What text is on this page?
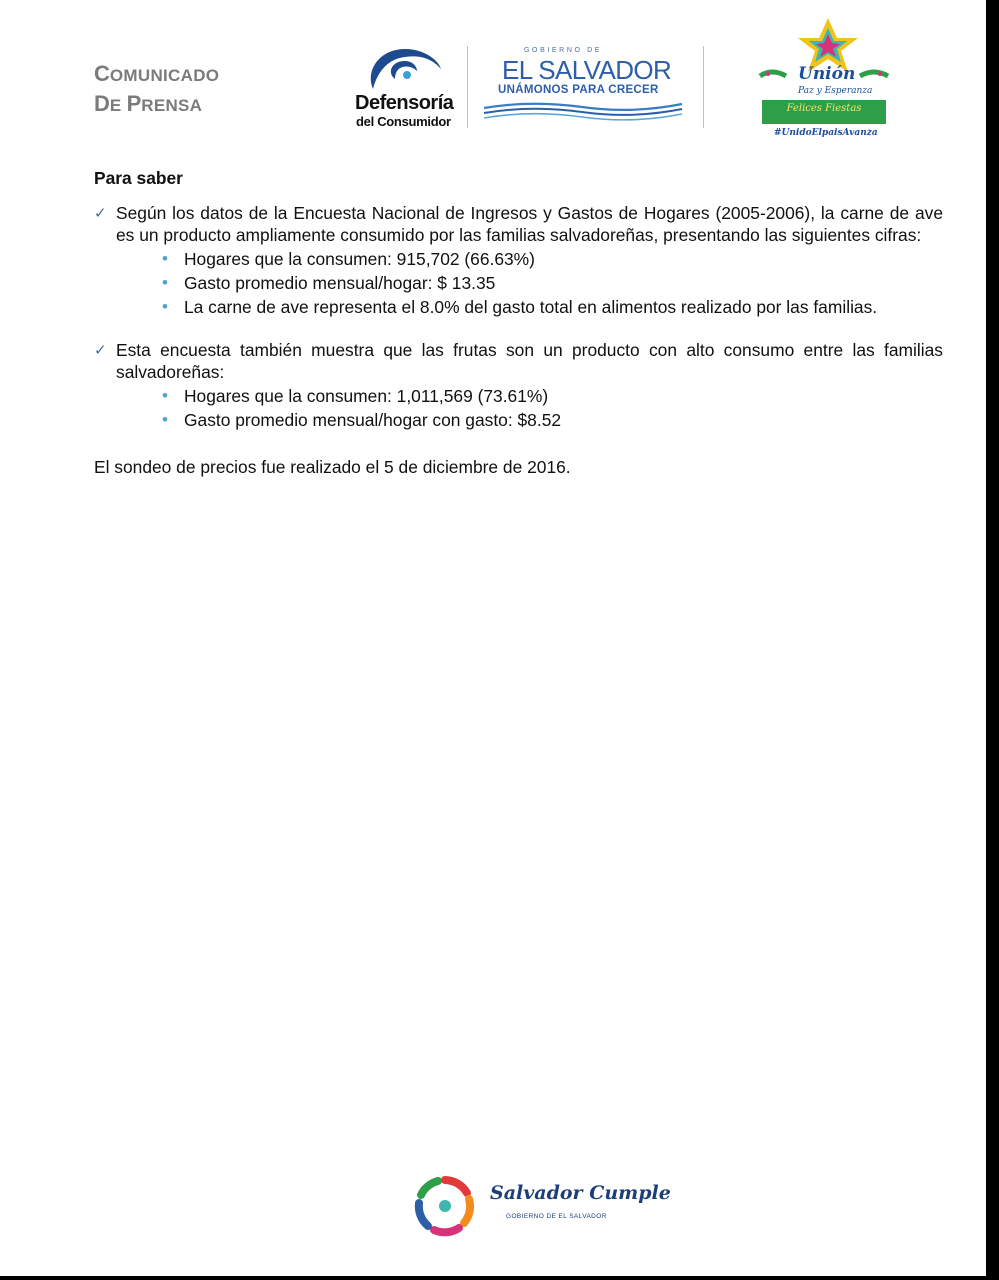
COMUNICADO
DE PRENSA	Defensoría
del Consumidor
GOBIERNO DE
EL SALVADOR
UNÁMONOS PARA CRECER
Unión
Paz y Esperanza
Felices Fiestas
#UnidoElpaisAvanza
Para saber
✓ Según los datos de la Encuesta Nacional de Ingresos y Gastos de Hogares (2005-2006), la carne de ave es un producto ampliamente consumido por las familias salvadoreñas, presentando las siguientes cifras:
• Hogares que la consumen: 915,702 (66.63%)
• Gasto promedio mensual/hogar: $ 13.35
• La carne de ave representa el 8.0% del gasto total en alimentos realizado por las familias.
✓ Esta encuesta también muestra que las frutas son un producto con alto consumo entre las familias salvadoreñas:
• Hogares que la consumen: 1,011,569 (73.61%)
• Gasto promedio mensual/hogar con gasto: $8.52
El sondeo de precios fue realizado el 5 de diciembre de 2016.
Salvador Cumple
GOBIERNO DE EL SALVADOR
